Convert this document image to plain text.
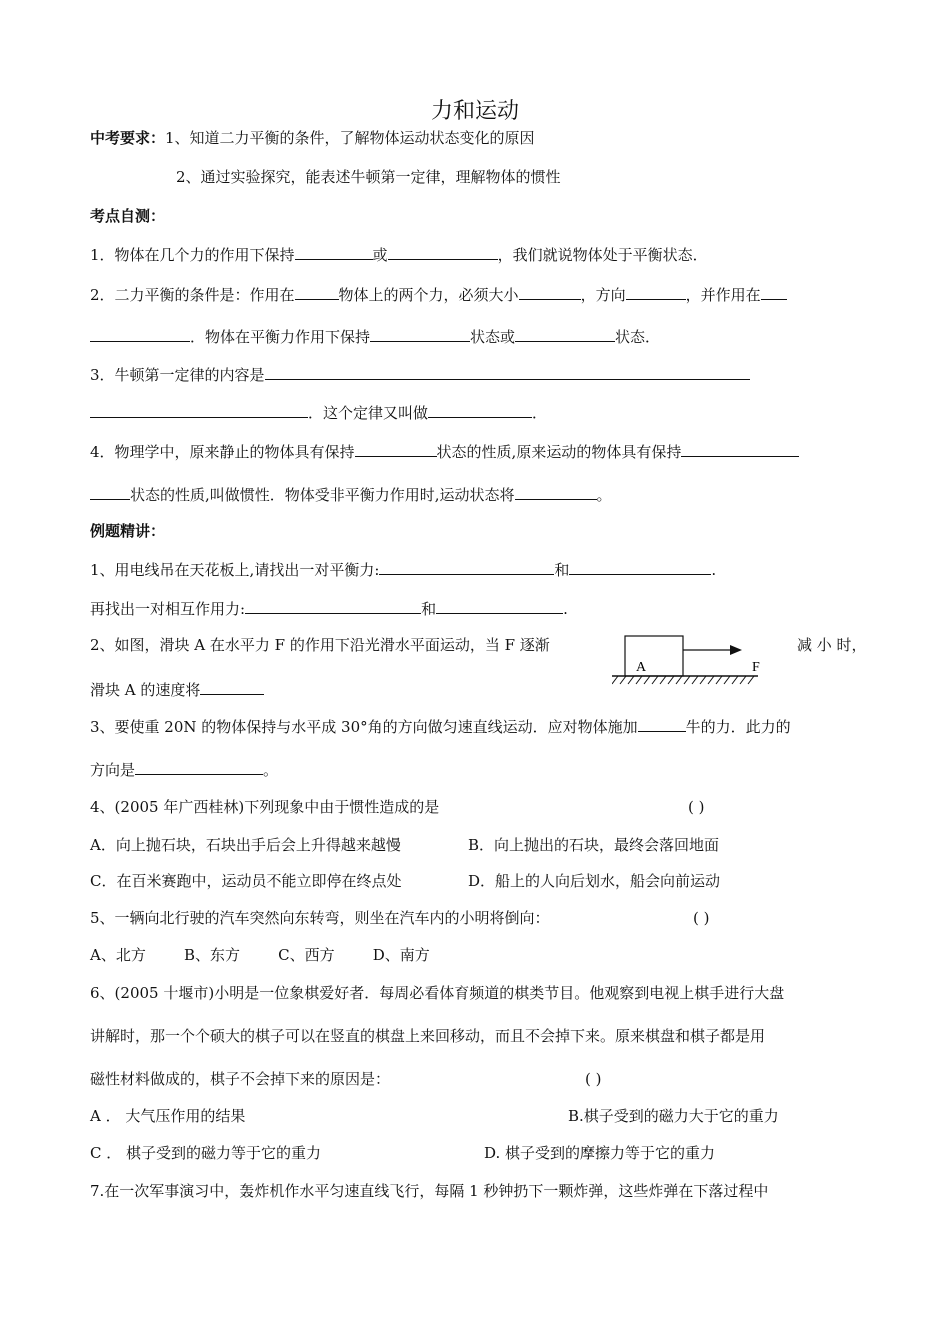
力和运动
中考要求：1、知道二力平衡的条件，了解物体运动状态变化的原因
2、通过实验探究，能表述牛顿第一定律，理解物体的惯性
考点自测：
1．物体在几个力的作用下保持	或	，我们就说物体处于平衡状态．
2．二力平衡的条件是：作用在	物体上的两个力，必须大小	，方向	，并作用在
．物体在平衡力作用下保持	状态或	状态．
3．牛顿第一定律的内容是
．这个定律又叫做	．
4．物理学中，原来静止的物体具有保持	状态的性质,原来运动的物体具有保持
状态的性质,叫做惯性．物体受非平衡力作用时,运动状态将	。
例题精讲：
1、用电线吊在天花板上,请找出一对平衡力:	和	.
再找出一对相互作用力:	和	.
2、如图，滑块 A 在水平力 F 的作用下沿光滑水平面运动，当 F 逐渐	减 小 时，
滑块 A 的速度将
A	F
3、要使重 20N 的物体保持与水平成 30°角的方向做匀速直线运动．应对物体施加	牛的力．此力的
方向是	。
4、(2005 年广西桂林)下列现象中由于惯性造成的是	( )
A．向上抛石块，石块出手后会上升得越来越慢	B．向上抛出的石块，最终会落回地面
C．在百米赛跑中，运动员不能立即停在终点处	D．船上的人向后划水，船会向前运动
5、一辆向北行驶的汽车突然向东转弯，则坐在汽车内的小明将倒向：	( )
A、北方        B、东方        C、西方        D、南方
6、(2005 十堰市)小明是一位象棋爱好者．每周必看体育频道的棋类节目。他观察到电视上棋手进行大盘
讲解时，那一个个硕大的棋子可以在竖直的棋盘上来回移动，而且不会掉下来。原来棋盘和棋子都是用
磁性材料做成的，棋子不会掉下来的原因是：	( )
A ． 大气压作用的结果	B.棋子受到的磁力大于它的重力
C ． 棋子受到的磁力等于它的重力	D. 棋子受到的摩擦力等于它的重力
7.在一次军事演习中，轰炸机作水平匀速直线飞行，每隔 1 秒钟扔下一颗炸弹，这些炸弹在下落过程中
